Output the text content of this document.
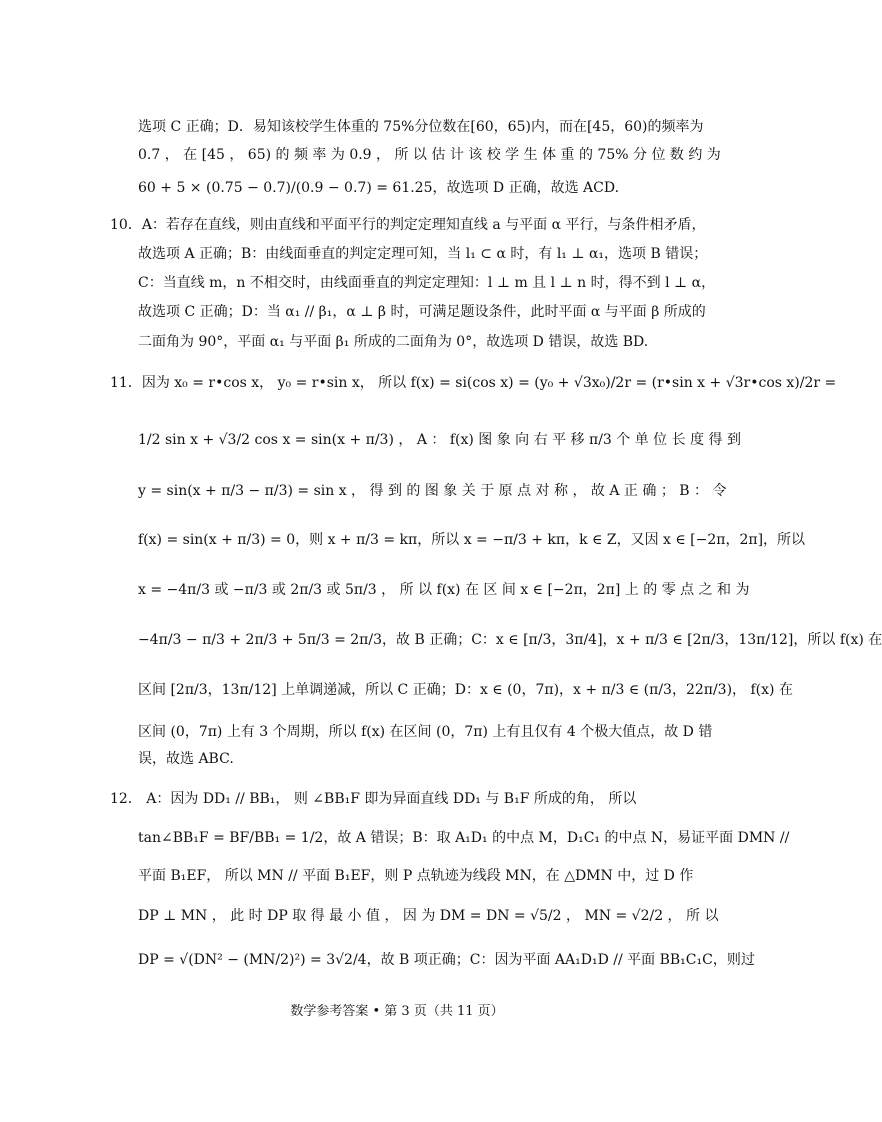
选项 C 正确；D．易知该校学生体重的 75%分位数在[60，65)内，而在[45，60)的频率为
0.7 ， 在 [45 ， 65) 的 频 率 为 0.9 ， 所 以 估 计 该 校 学 生 体 重 的 75% 分 位 数 约 为
60 + 5 × (0.75 − 0.7)/(0.9 − 0.7) = 61.25，故选项 D 正确，故选 ACD.
10．A：若存在直线，则由直线和平面平行的判定定理知直线 a 与平面 α 平行，与条件相矛盾，
故选项 A 正确；B：由线面垂直的判定定理可知，当 l₁ ⊂ α 时，有 l₁ ⊥ α₁，选项 B 错误；
C：当直线 m，n 不相交时，由线面垂直的判定定理知：l ⊥ m 且 l ⊥ n 时，得不到 l ⊥ α，
故选项 C 正确；D：当 α₁ // β₁，α ⊥ β 时，可满足题设条件，此时平面 α 与平面 β 所成的
二面角为 90°，平面 α₁ 与平面 β₁ 所成的二面角为 0°，故选项 D 错误，故选 BD.
11．因为 x₀ = r•cos x， y₀ = r•sin x， 所以 f(x) = si(cos x) = (y₀ + √3x₀)/2r = (r•sin x + √3r•cos x)/2r =
1/2 sin x + √3/2 cos x = sin(x + π/3) ， A ： f(x) 图 象 向 右 平 移 π/3 个 单 位 长 度 得 到
y = sin(x + π/3 − π/3) = sin x ， 得 到 的 图 象 关 于 原 点 对 称 ， 故 A 正 确 ； B ： 令
f(x) = sin(x + π/3) = 0，则 x + π/3 = kπ，所以 x = −π/3 + kπ，k ∈ Z，又因 x ∈ [−2π，2π]，所以
x = −4π/3 或 −π/3 或 2π/3 或 5π/3 ， 所 以 f(x) 在 区 间 x ∈ [−2π，2π] 上 的 零 点 之 和 为
−4π/3 − π/3 + 2π/3 + 5π/3 = 2π/3，故 B 正确；C：x ∈ [π/3，3π/4]，x + π/3 ∈ [2π/3，13π/12]，所以 f(x) 在
区间 [2π/3，13π/12] 上单调递减，所以 C 正确；D：x ∈ (0，7π)，x + π/3 ∈ (π/3，22π/3)， f(x) 在
区间 (0，7π) 上有 3 个周期，所以 f(x) 在区间 (0，7π) 上有且仅有 4 个极大值点，故 D 错
误，故选 ABC.
12． A：因为 DD₁ // BB₁， 则 ∠BB₁F 即为异面直线 DD₁ 与 B₁F 所成的角， 所以
tan∠BB₁F = BF/BB₁ = 1/2，故 A 错误；B：取 A₁D₁ 的中点 M，D₁C₁ 的中点 N，易证平面 DMN //
平面 B₁EF， 所以 MN // 平面 B₁EF，则 P 点轨迹为线段 MN，在 △DMN 中，过 D 作
DP ⊥ MN ， 此 时 DP 取 得 最 小 值 ， 因 为 DM = DN = √5/2 ， MN = √2/2 ， 所 以
DP = √(DN² − (MN/2)²) = 3√2/4，故 B 项正确；C：因为平面 AA₁D₁D // 平面 BB₁C₁C，则过
数学参考答案 • 第 3 页（共 11 页）
